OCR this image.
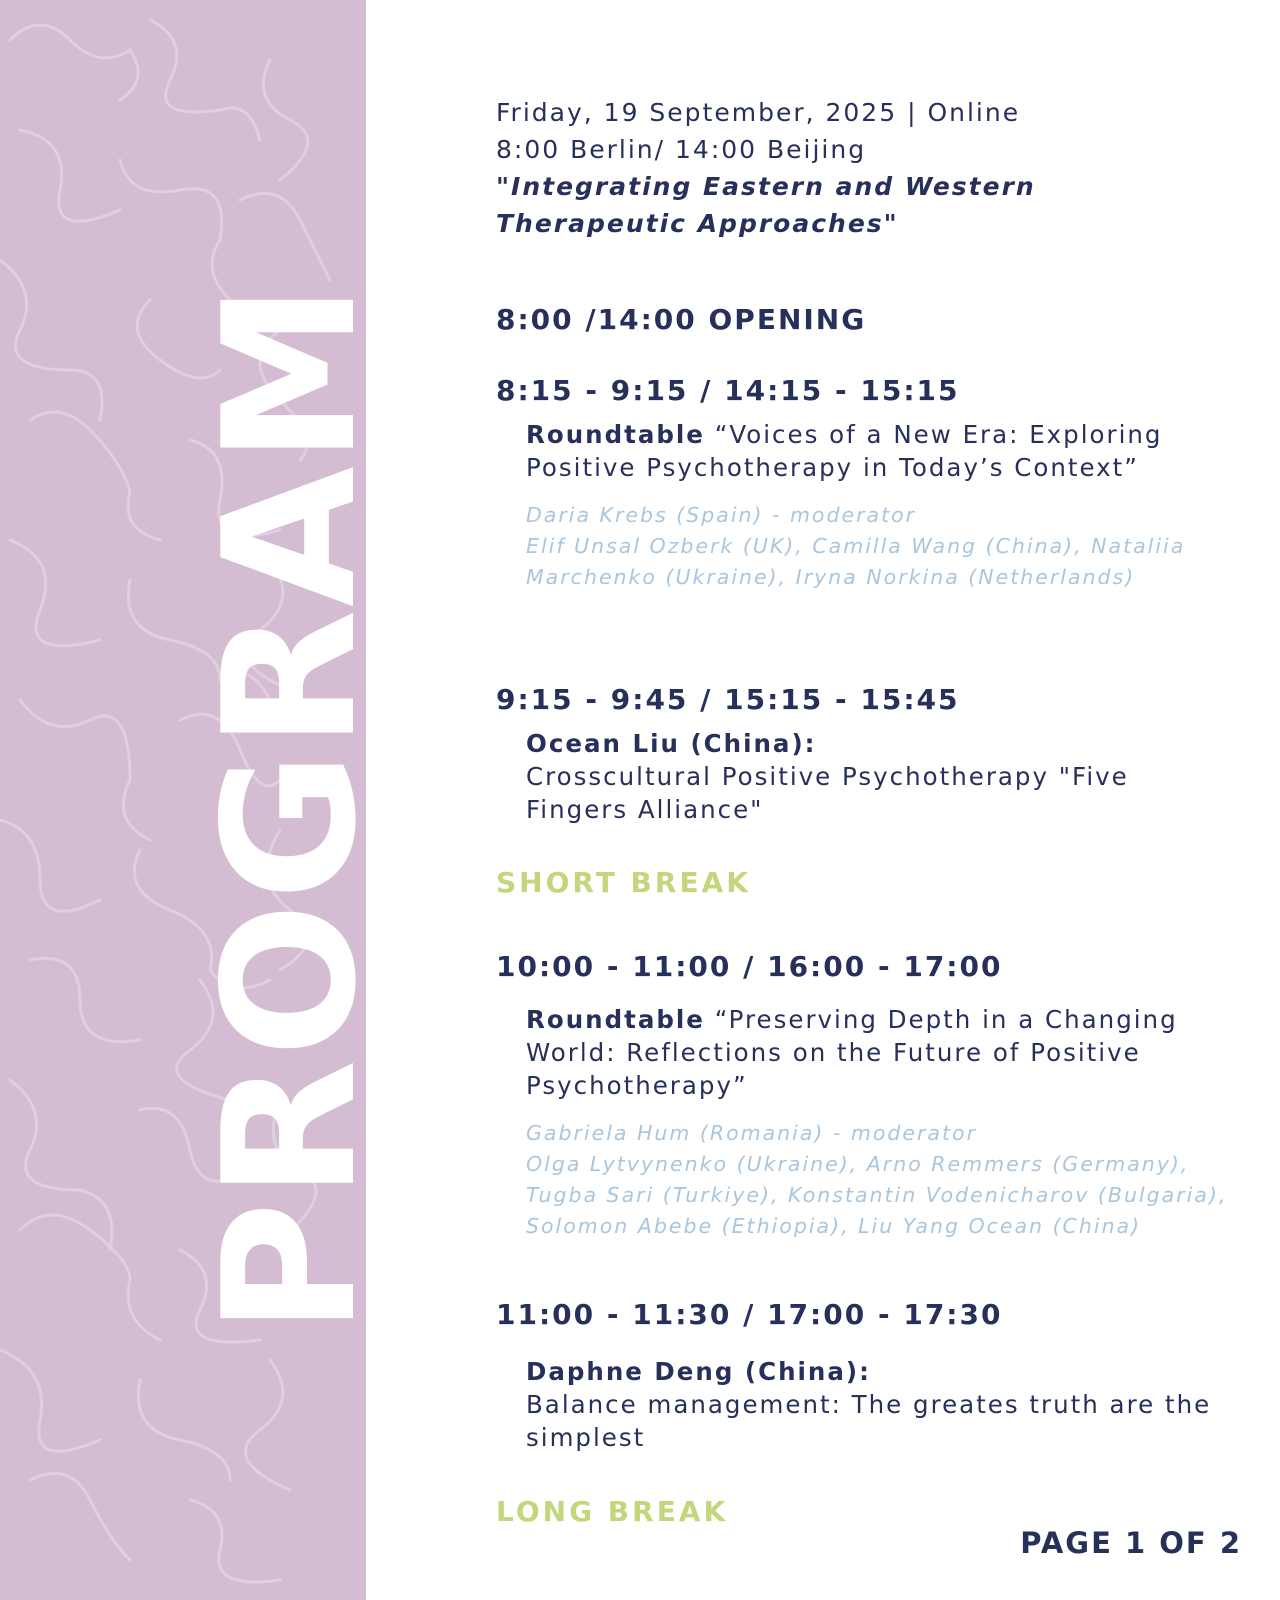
PROGRAM
Friday, 19 September, 2025 | Online
8:00 Berlin/ 14:00 Beijing
"Integrating Eastern and Western Therapeutic Approaches"
8:00 /14:00 OPENING
8:15 - 9:15 / 14:15 - 15:15
Roundtable “Voices of a New Era: Exploring Positive Psychotherapy in Today’s Context”
Daria Krebs (Spain) - moderator
Elif Unsal Ozberk (UK), Camilla Wang (China), Nataliia Marchenko (Ukraine), Iryna Norkina (Netherlands)
9:15 - 9:45 / 15:15 - 15:45
Ocean Liu (China):
Crosscultural Positive Psychotherapy "Five Fingers Alliance"
SHORT BREAK
10:00 - 11:00 / 16:00 - 17:00
Roundtable “Preserving Depth in a Changing World: Reflections on the Future of Positive Psychotherapy”
Gabriela Hum (Romania) - moderator
Olga Lytvynenko (Ukraine), Arno Remmers (Germany), Tugba Sari (Turkiye), Konstantin Vodenicharov (Bulgaria), Solomon Abebe (Ethiopia), Liu Yang Ocean (China)
11:00 - 11:30 / 17:00 - 17:30
Daphne Deng (China):
Balance management: The greates truth are the simplest
LONG BREAK
PAGE 1 OF 2
